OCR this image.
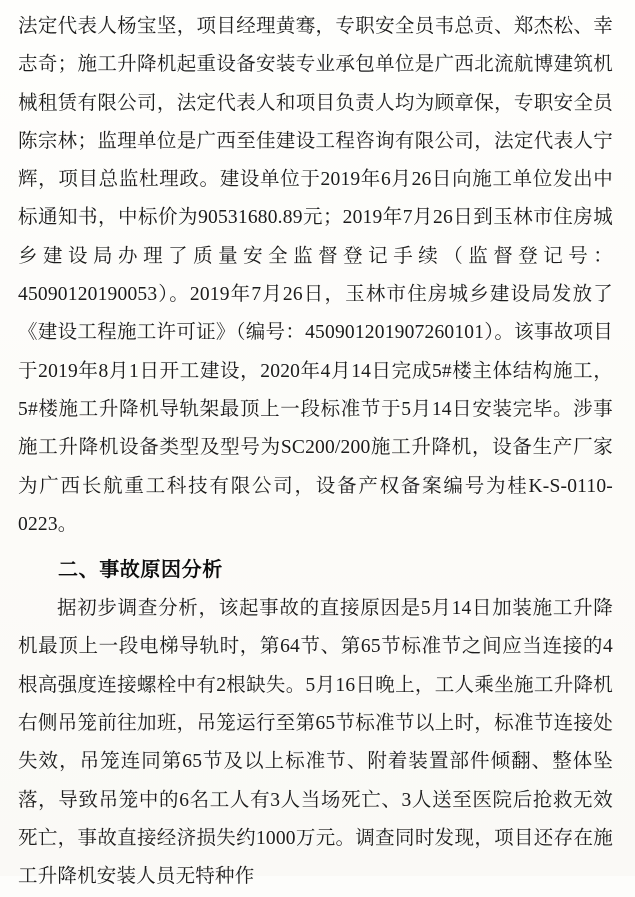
法定代表人杨宝坚，项目经理黄骞，专职安全员韦总贡、郑杰松、幸志奇；施工升降机起重设备安装专业承包单位是广西北流航博建筑机械租赁有限公司，法定代表人和项目负责人均为顾章保，专职安全员陈宗林；监理单位是广西至佳建设工程咨询有限公司，法定代表人宁辉，项目总监杜理政。建设单位于2019年6月26日向施工单位发出中标通知书，中标价为90531680.89元；2019年7月26日到玉林市住房城乡建设局办理了质量安全监督登记手续（监督登记号：45090120190053）。2019年7月26日，玉林市住房城乡建设局发放了《建设工程施工许可证》（编号：450901201907260101）。该事故项目于2019年8月1日开工建设，2020年4月14日完成5#楼主体结构施工，5#楼施工升降机导轨架最顶上一段标准节于5月14日安装完毕。涉事施工升降机设备类型及型号为SC200/200施工升降机，设备生产厂家为广西长航重工科技有限公司，设备产权备案编号为桂K-S-0110-0223。

二、事故原因分析

据初步调查分析，该起事故的直接原因是5月14日加装施工升降机最顶上一段电梯导轨时，第64节、第65节标准节之间应当连接的4根高强度连接螺栓中有2根缺失。5月16日晚上，工人乘坐施工升降机右侧吊笼前往加班，吊笼运行至第65节标准节以上时，标准节连接处失效，吊笼连同第65节及以上标准节、附着装置部件倾翻、整体坠落，导致吊笼中的6名工人有3人当场死亡、3人送至医院后抢救无效死亡，事故直接经济损失约1000万元。调查同时发现，项目还存在施工升降机安装人员无特种作
